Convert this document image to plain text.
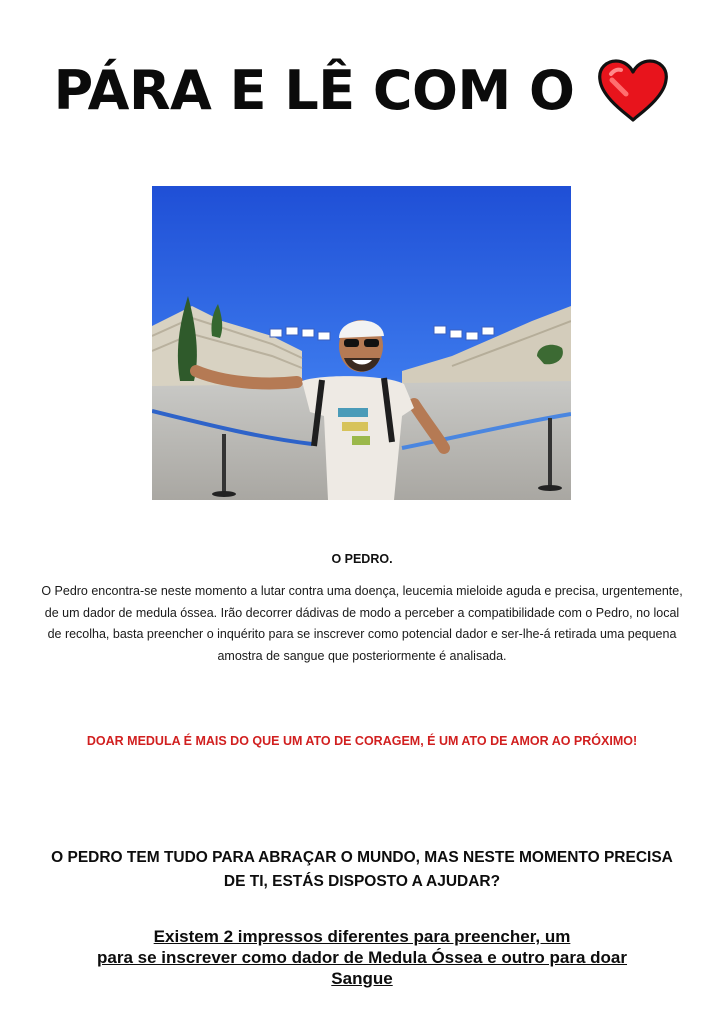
PÁRA E LÊ COM O
O PEDRO.
O Pedro encontra-se neste momento a lutar contra uma doença, leucemia mieloide aguda e precisa, urgentemente, de um dador de medula óssea. Irão decorrer dádivas de modo a perceber a compatibilidade com o Pedro, no local de recolha, basta preencher o inquérito para se inscrever como potencial dador e ser-lhe-á retirada uma pequena amostra de sangue que posteriormente é analisada.
DOAR MEDULA É MAIS DO QUE UM ATO DE CORAGEM, É UM ATO DE AMOR AO PRÓXIMO!
O PEDRO TEM TUDO PARA ABRAÇAR O MUNDO, MAS NESTE MOMENTO PRECISA DE TI, ESTÁS DISPOSTO A AJUDAR?
Existem 2 impressos diferentes para preencher, um
para se inscrever como dador de Medula Óssea e outro para doar
Sangue
